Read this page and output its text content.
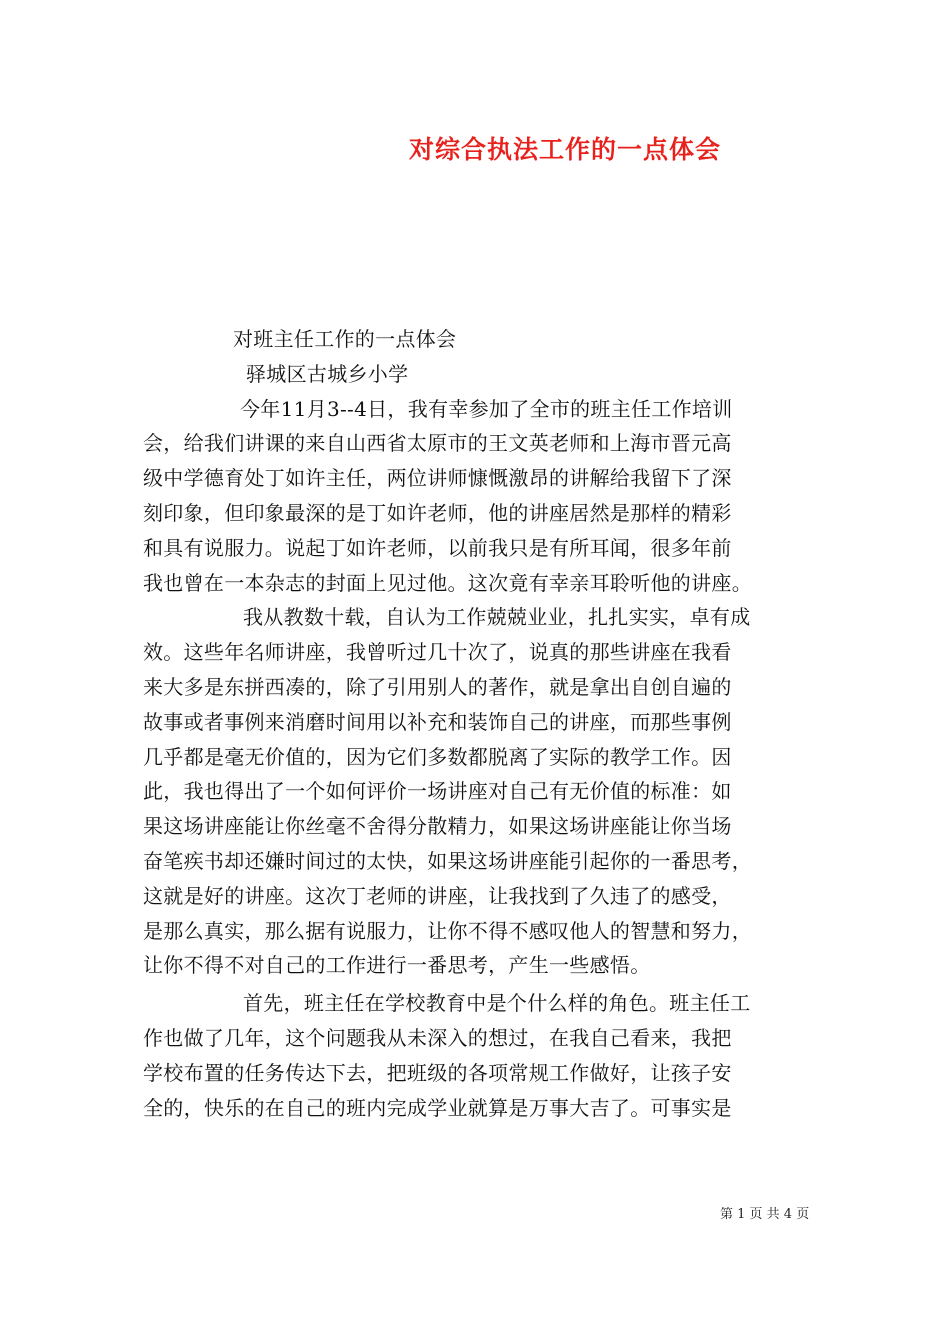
对综合执法工作的一点体会
对班主任工作的一点体会
驿城区古城乡小学
今年11月3--4日，我有幸参加了全市的班主任工作培训
会，给我们讲课的来自山西省太原市的王文英老师和上海市晋元高
级中学德育处丁如许主任，两位讲师慷慨激昂的讲解给我留下了深
刻印象，但印象最深的是丁如许老师，他的讲座居然是那样的精彩
和具有说服力。说起丁如许老师，以前我只是有所耳闻，很多年前
我也曾在一本杂志的封面上见过他。这次竟有幸亲耳聆听他的讲座。
我从教数十载，自认为工作兢兢业业，扎扎实实，卓有成
效。这些年名师讲座，我曾听过几十次了，说真的那些讲座在我看
来大多是东拼西凑的，除了引用别人的著作，就是拿出自创自遍的
故事或者事例来消磨时间用以补充和装饰自己的讲座，而那些事例
几乎都是毫无价值的，因为它们多数都脱离了实际的教学工作。因
此，我也得出了一个如何评价一场讲座对自己有无价值的标准：如
果这场讲座能让你丝毫不舍得分散精力，如果这场讲座能让你当场
奋笔疾书却还嫌时间过的太快，如果这场讲座能引起你的一番思考，
这就是好的讲座。这次丁老师的讲座，让我找到了久违了的感受，
是那么真实，那么据有说服力，让你不得不感叹他人的智慧和努力，
让你不得不对自己的工作进行一番思考，产生一些感悟。
首先，班主任在学校教育中是个什么样的角色。班主任工
作也做了几年，这个问题我从未深入的想过，在我自己看来，我把
学校布置的任务传达下去，把班级的各项常规工作做好，让孩子安
全的，快乐的在自己的班内完成学业就算是万事大吉了。可事实是
第 1 页 共 4 页
